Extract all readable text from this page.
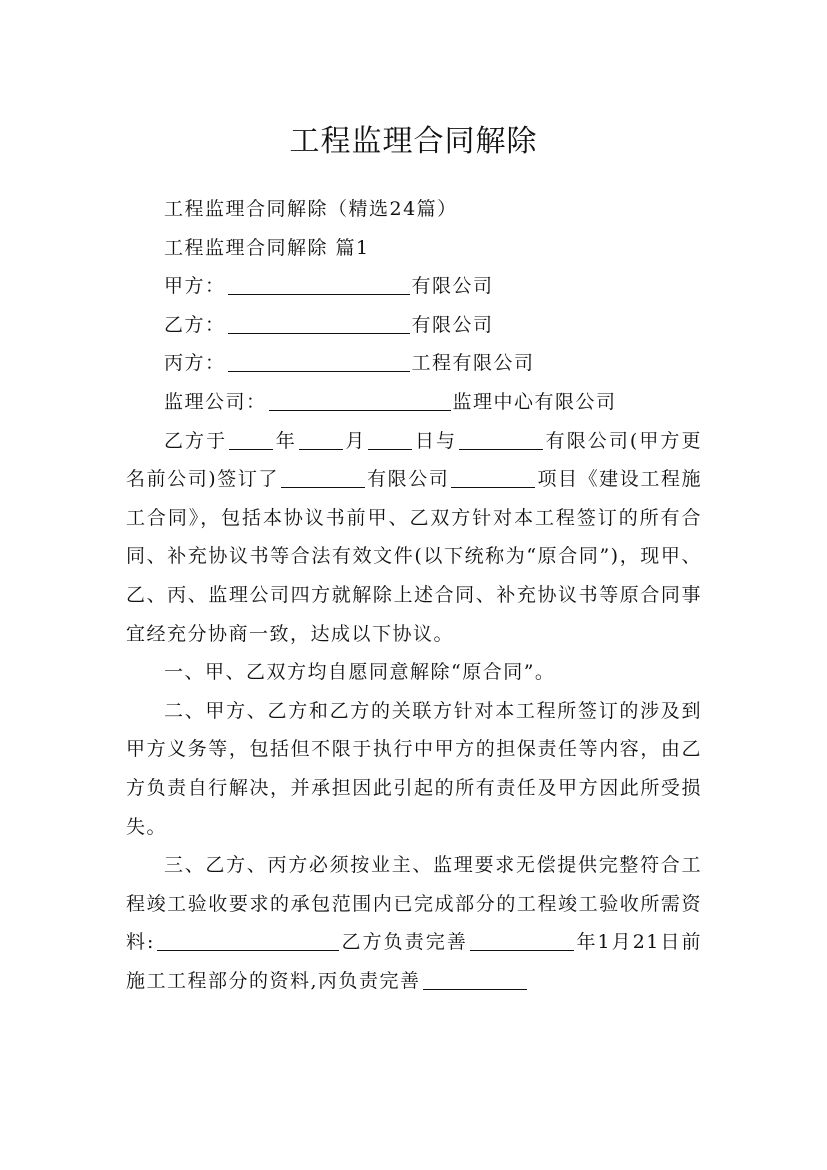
工程监理合同解除

工程监理合同解除（精选24篇）

工程监理合同解除 篇1

甲方：	有限公司

乙方：	有限公司

丙方：	工程有限公司

监理公司：	监理中心有限公司

乙方于	年	月	日与	有限公司(甲方更名前公司)签订了	有限公司	项目《建设工程施工合同》，包括本协议书前甲、乙双方针对本工程签订的所有合同、补充协议书等合法有效文件(以下统称为“原合同”)，现甲、乙、丙、监理公司四方就解除上述合同、补充协议书等原合同事宜经充分协商一致，达成以下协议。

一、甲、乙双方均自愿同意解除“原合同”。

二、甲方、乙方和乙方的关联方针对本工程所签订的涉及到甲方义务等，包括但不限于执行中甲方的担保责任等内容，由乙方负责自行解决，并承担因此引起的所有责任及甲方因此所受损失。

三、乙方、丙方必须按业主、监理要求无偿提供完整符合工程竣工验收要求的承包范围内已完成部分的工程竣工验收所需资料:	乙方负责完善	年1月21日前施工工程部分的资料,丙负责完善
